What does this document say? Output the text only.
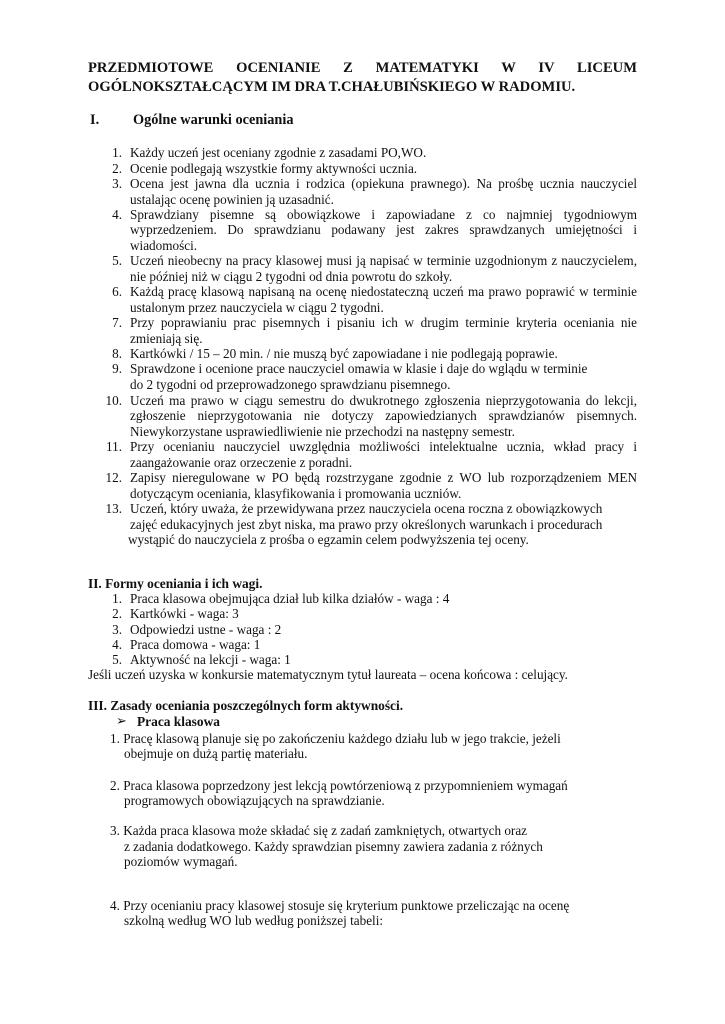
PRZEDMIOTOWE OCENIANIE Z MATEMATYKI W IV LICEUM
OGÓLNOKSZTAŁCĄCYM IM DRA T.CHAŁUBIŃSKIEGO W RADOMIU.
I. Ogólne warunki oceniania
1. Każdy uczeń jest oceniany zgodnie z zasadami PO,WO.
2. Ocenie podlegają wszystkie formy aktywności ucznia.
3. Ocena jest jawna dla ucznia i rodzica (opiekuna prawnego). Na prośbę ucznia nauczyciel
ustalając ocenę powinien ją uzasadnić.
4. Sprawdziany pisemne są obowiązkowe i zapowiadane z co najmniej tygodniowym
wyprzedzeniem. Do sprawdzianu podawany jest zakres sprawdzanych umiejętności i
wiadomości.
5. Uczeń nieobecny na pracy klasowej musi ją napisać w terminie uzgodnionym z nauczycielem,
nie później niż w ciągu 2 tygodni od dnia powrotu do szkoły.
6. Każdą pracę klasową napisaną na ocenę niedostateczną uczeń ma prawo poprawić w terminie
ustalonym przez nauczyciela w ciągu 2 tygodni.
7. Przy poprawianiu prac pisemnych i pisaniu ich w drugim terminie kryteria oceniania nie
zmieniają się.
8. Kartkówki / 15 – 20 min. / nie muszą być zapowiadane i nie podlegają poprawie.
9. Sprawdzone i ocenione prace nauczyciel omawia w klasie i daje do wglądu w terminie
do 2 tygodni od przeprowadzonego sprawdzianu pisemnego.
10. Uczeń ma prawo w ciągu semestru do dwukrotnego zgłoszenia nieprzygotowania do lekcji,
zgłoszenie nieprzygotowania nie dotyczy zapowiedzianych sprawdzianów pisemnych.
Niewykorzystane usprawiedliwienie nie przechodzi na następny semestr.
11. Przy ocenianiu nauczyciel uwzględnia możliwości intelektualne ucznia, wkład pracy i
zaangażowanie oraz orzeczenie z poradni.
12. Zapisy nieregulowane w PO będą rozstrzygane zgodnie z WO lub rozporządzeniem MEN
dotyczącym oceniania, klasyfikowania i promowania uczniów.
13. Uczeń, który uważa, że przewidywana przez nauczyciela ocena roczna z obowiązkowych
zajęć edukacyjnych jest zbyt niska, ma prawo przy określonych warunkach i procedurach
wystąpić do nauczyciela z prośba o egzamin celem podwyższenia tej oceny.
II. Formy oceniania i ich wagi.
1. Praca klasowa obejmująca dział lub kilka działów - waga : 4
2. Kartkówki - waga: 3
3. Odpowiedzi ustne - waga : 2
4. Praca domowa - waga: 1
5. Aktywność na lekcji - waga: 1
Jeśli uczeń uzyska w konkursie matematycznym tytuł laureata – ocena końcowa : celujący.
III. Zasady oceniania poszczególnych form aktywności.
➢ Praca klasowa
1. Pracę klasową planuje się po zakończeniu każdego działu lub w jego trakcie, jeżeli
obejmuje on dużą partię materiału.
2. Praca klasowa poprzedzony jest lekcją powtórzeniową z przypomnieniem wymagań
programowych obowiązujących na sprawdzianie.
3. Każda praca klasowa może składać się z zadań zamkniętych, otwartych oraz
z zadania dodatkowego. Każdy sprawdzian pisemny zawiera zadania z różnych
poziomów wymagań.
4. Przy ocenianiu pracy klasowej stosuje się kryterium punktowe przeliczając na ocenę
szkolną według WO lub według poniższej tabeli:
